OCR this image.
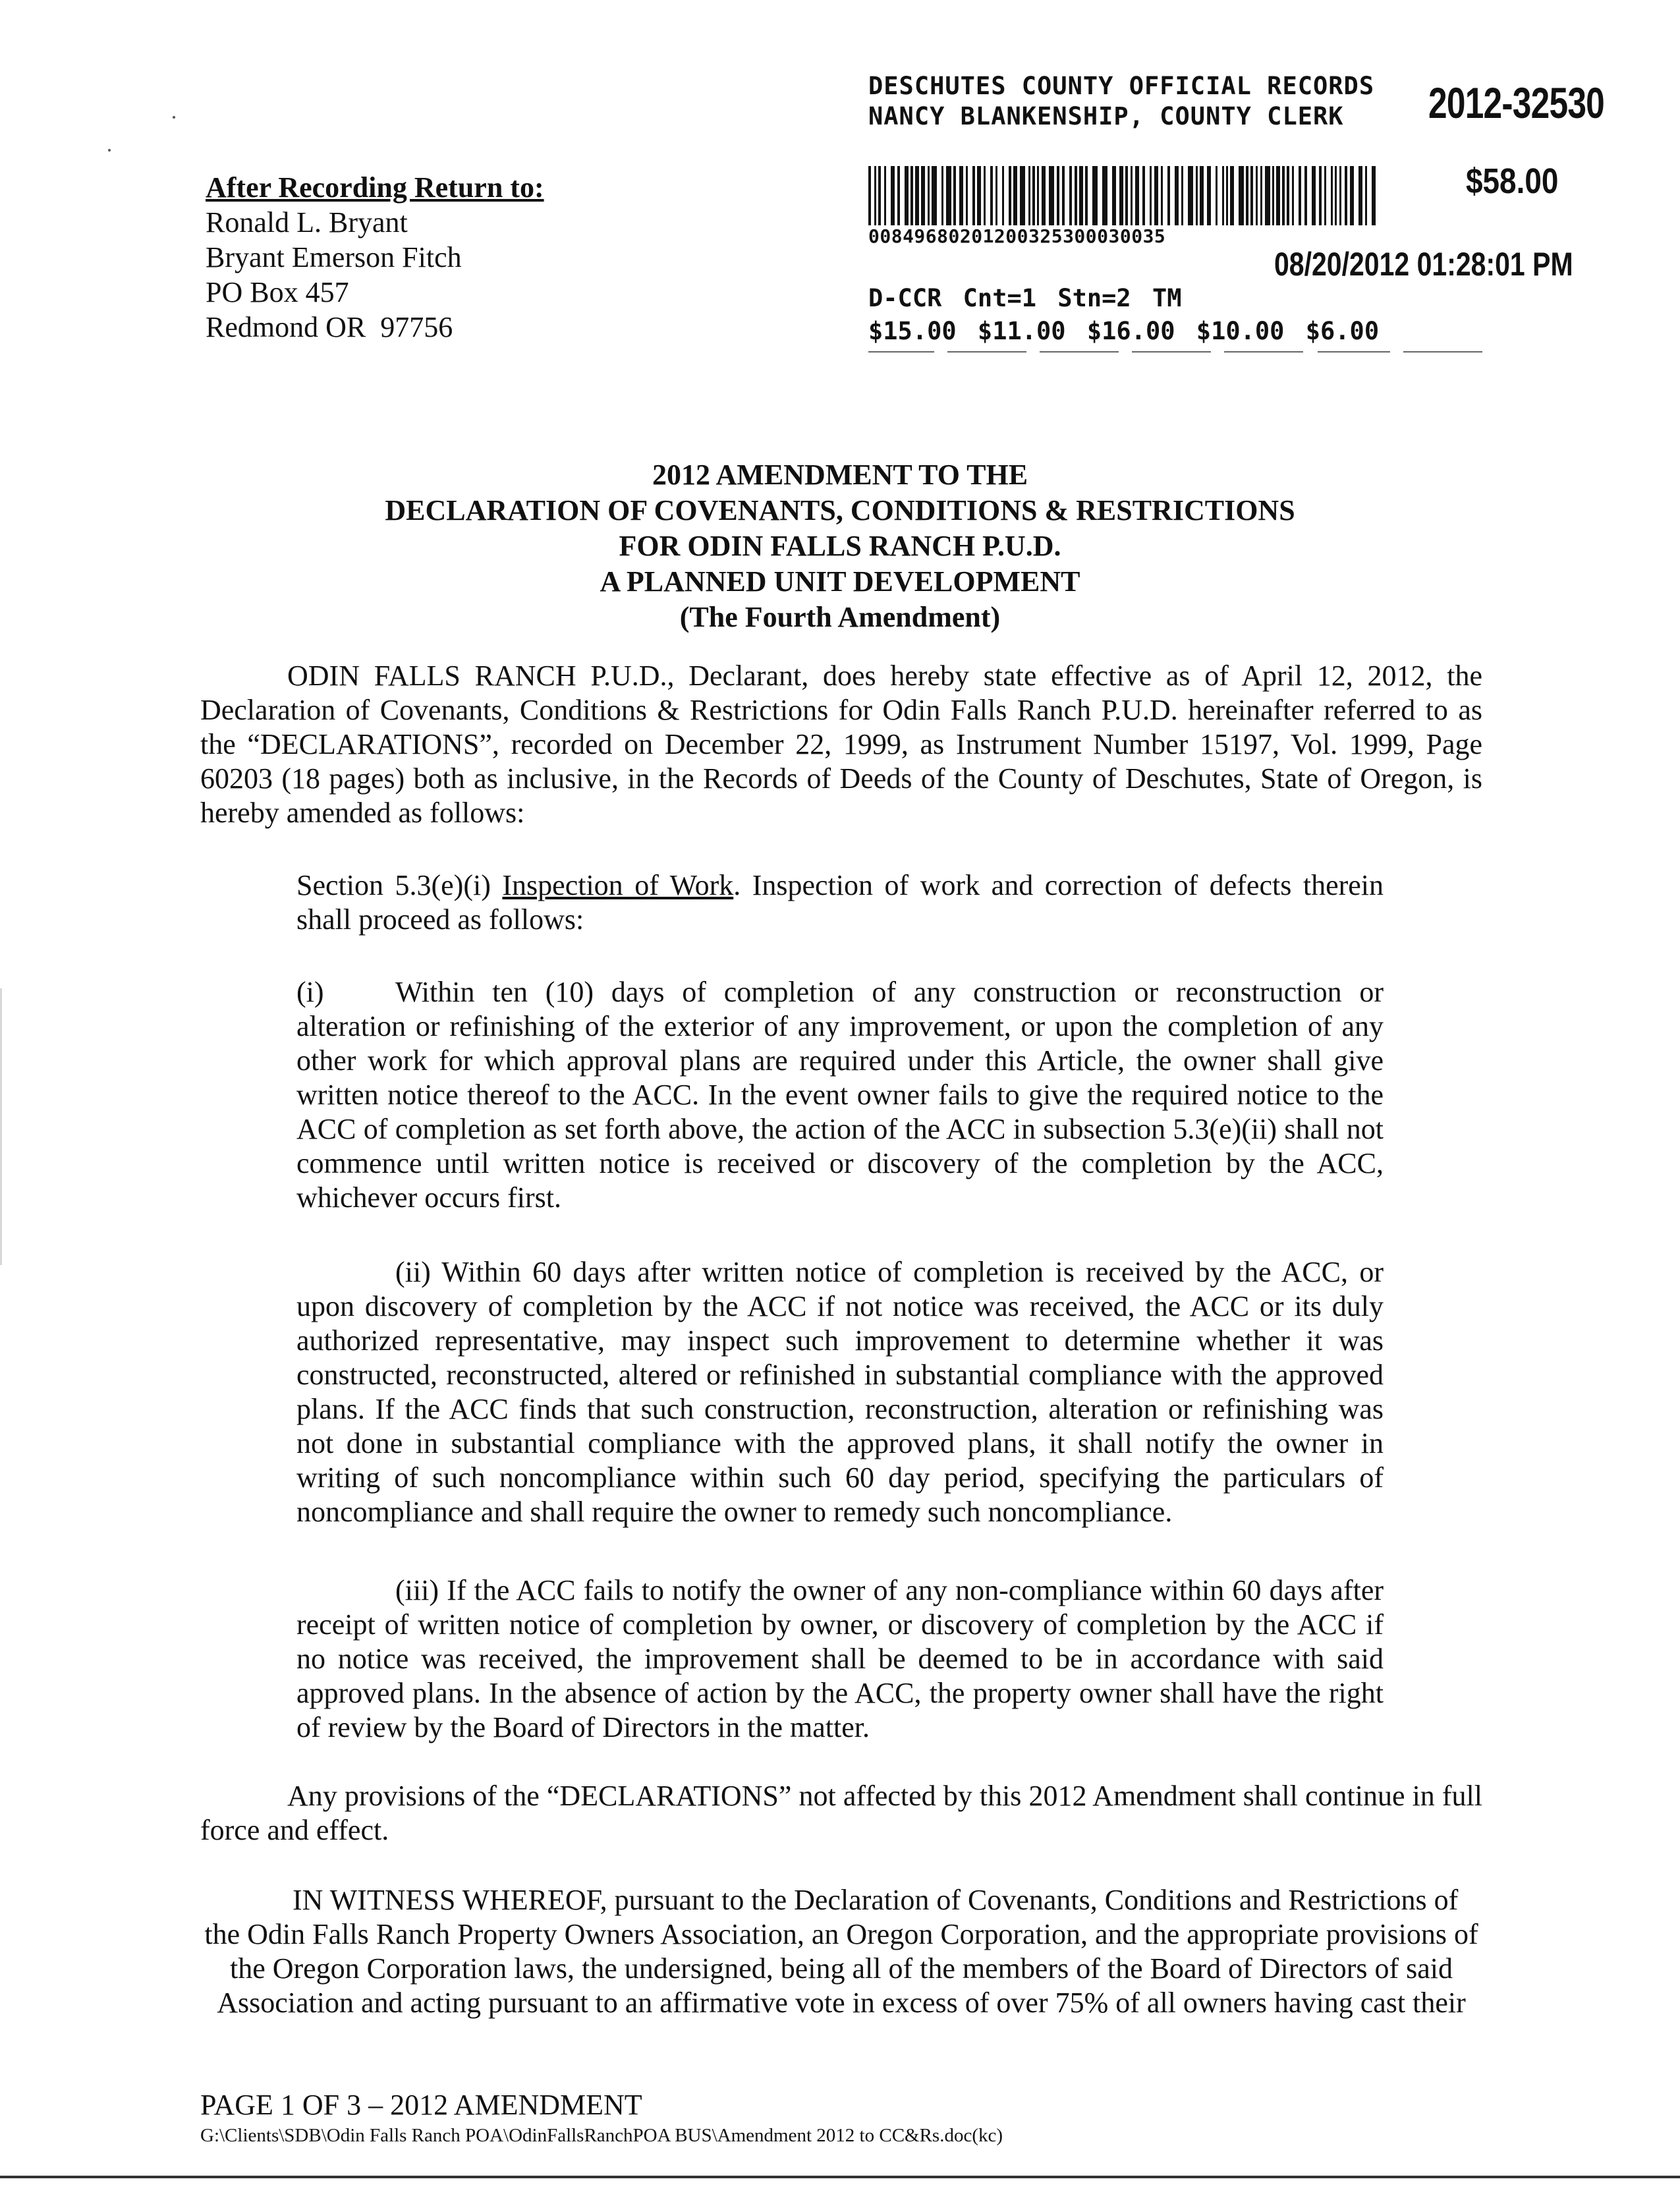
DESCHUTES COUNTY OFFICIAL RECORDS
NANCY BLANKENSHIP, COUNTY CLERK	2012-32530
$58.00
00849680201200325300030035
08/20/2012 01:28:01 PM
D-CCR Cnt=1 Stn=2 TM
$15.00 $11.00 $16.00 $10.00 $6.00
After Recording Return to:
Ronald L. Bryant
Bryant Emerson Fitch
PO Box 457
Redmond OR  97756
2012 AMENDMENT TO THE
DECLARATION OF COVENANTS, CONDITIONS & RESTRICTIONS
FOR ODIN FALLS RANCH P.U.D.
A PLANNED UNIT DEVELOPMENT
(The Fourth Amendment)
ODIN FALLS RANCH P.U.D., Declarant, does hereby state effective as of April 12, 2012, the Declaration of Covenants, Conditions & Restrictions for Odin Falls Ranch P.U.D. hereinafter referred to as the “DECLARATIONS”, recorded on December 22, 1999, as Instrument Number 15197, Vol. 1999, Page 60203 (18 pages) both as inclusive, in the Records of Deeds of the County of Deschutes, State of Oregon, is hereby amended as follows:
Section 5.3(e)(i) Inspection of Work. Inspection of work and correction of defects therein shall proceed as follows:
(i) Within ten (10) days of completion of any construction or reconstruction or alteration or refinishing of the exterior of any improvement, or upon the completion of any other work for which approval plans are required under this Article, the owner shall give written notice thereof to the ACC. In the event owner fails to give the required notice to the ACC of completion as set forth above, the action of the ACC in subsection 5.3(e)(ii) shall not commence until written notice is received or discovery of the completion by the ACC, whichever occurs first.
(ii) Within 60 days after written notice of completion is received by the ACC, or upon discovery of completion by the ACC if not notice was received, the ACC or its duly authorized representative, may inspect such improvement to determine whether it was constructed, reconstructed, altered or refinished in substantial compliance with the approved plans. If the ACC finds that such construction, reconstruction, alteration or refinishing was not done in substantial compliance with the approved plans, it shall notify the owner in writing of such noncompliance within such 60 day period, specifying the particulars of noncompliance and shall require the owner to remedy such noncompliance.
(iii) If the ACC fails to notify the owner of any non-compliance within 60 days after receipt of written notice of completion by owner, or discovery of completion by the ACC if no notice was received, the improvement shall be deemed to be in accordance with said approved plans. In the absence of action by the ACC, the property owner shall have the right of review by the Board of Directors in the matter.
Any provisions of the “DECLARATIONS” not affected by this 2012 Amendment shall continue in full force and effect.
IN WITNESS WHEREOF, pursuant to the Declaration of Covenants, Conditions and Restrictions of
the Odin Falls Ranch Property Owners Association, an Oregon Corporation, and the appropriate provisions of
the Oregon Corporation laws, the undersigned, being all of the members of the Board of Directors of said
Association and acting pursuant to an affirmative vote in excess of over 75% of all owners having cast their
PAGE 1 OF 3 – 2012 AMENDMENT
G:\Clients\SDB\Odin Falls Ranch POA\OdinFallsRanchPOA BUS\Amendment 2012 to CC&Rs.doc(kc)
